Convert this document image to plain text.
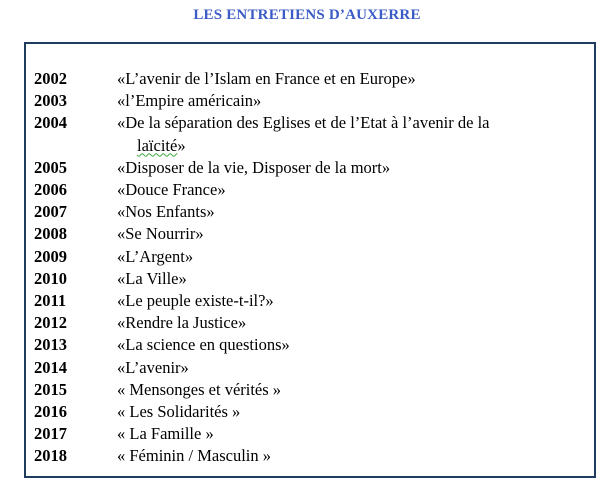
LES ENTRETIENS D’AUXERRE
2002	«L’avenir de l’Islam en France et en Europe»
2003	«l’Empire américain»
2004	«De la séparation des Eglises et de l’Etat à l’avenir de la
laïcité»
2005	«Disposer de la vie, Disposer de la mort»
2006	«Douce France»
2007	«Nos Enfants»
2008	«Se Nourrir»
2009	«L’Argent»
2010	«La Ville»
2011	«Le peuple existe-t-il?»
2012	«Rendre la Justice»
2013	«La science en questions»
2014	«L’avenir»
2015	« Mensonges et vérités »
2016	« Les Solidarités »
2017	« La Famille »
2018	« Féminin / Masculin »
